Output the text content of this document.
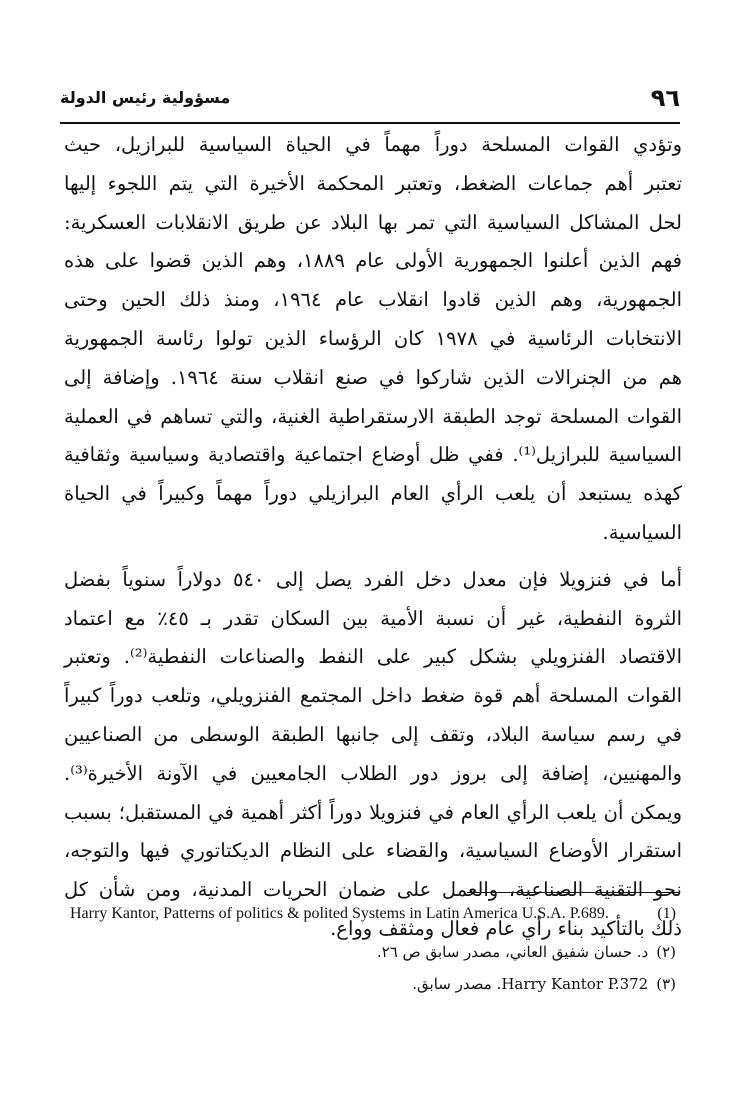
٩٦
مسؤولية رئيس الدولة
وتؤدي القوات المسلحة دوراً مهماً في الحياة السياسية للبرازيل، حيث
تعتبر أهم جماعات الضغط، وتعتبر المحكمة الأخيرة التي يتم اللجوء إليها
لحل المشاكل السياسية التي تمر بها البلاد عن طريق الانقلابات العسكرية:
فهم الذين أعلنوا الجمهورية الأولى عام ١٨٨٩، وهم الذين قضوا على هذه
الجمهورية، وهم الذين قادوا انقلاب عام ١٩٦٤، ومنذ ذلك الحين وحتى
الانتخابات الرئاسية في ١٩٧٨ كان الرؤساء الذين تولوا رئاسة الجمهورية
هم من الجنرالات الذين شاركوا في صنع انقلاب سنة ١٩٦٤. وإضافة إلى
القوات المسلحة توجد الطبقة الارستقراطية الغنية، والتي تساهم في العملية
السياسية للبرازيل⁽¹⁾. ففي ظل أوضاع اجتماعية واقتصادية وسياسية وثقافية
كهذه يستبعد أن يلعب الرأي العام البرازيلي دوراً مهماً وكبيراً في الحياة
السياسية.
أما في فنزويلا فإن معدل دخل الفرد يصل إلى ٥٤٠ دولاراً سنوياً بفضل
الثروة النفطية، غير أن نسبة الأمية بين السكان تقدر بـ ٤٥٪ مع اعتماد
الاقتصاد الفنزويلي بشكل كبير على النفط والصناعات النفطية⁽²⁾. وتعتبر
القوات المسلحة أهم قوة ضغط داخل المجتمع الفنزويلي، وتلعب دوراً كبيراً
في رسم سياسة البلاد، وتقف إلى جانبها الطبقة الوسطى من الصناعيين
والمهنيين، إضافة إلى بروز دور الطلاب الجامعيين في الآونة الأخيرة⁽³⁾.
ويمكن أن يلعب الرأي العام في فنزويلا دوراً أكثر أهمية في المستقبل؛ بسبب
استقرار الأوضاع السياسية، والقضاء على النظام الديكتاتوري فيها والتوجه،
نحو التقنية الصناعية، والعمل على ضمان الحريات المدنية، ومن شأن كل
ذلك بالتأكيد بناء رأي عام فعال ومثقف وواع.
(1)
Harry Kantor, Patterns of politics & polited Systems in Latin America U.S.A. P.689.
(٢)د. حسان شفيق العاني، مصدر سابق ص ٢٦.
(٣)Harry Kantor P.372. مصدر سابق.
